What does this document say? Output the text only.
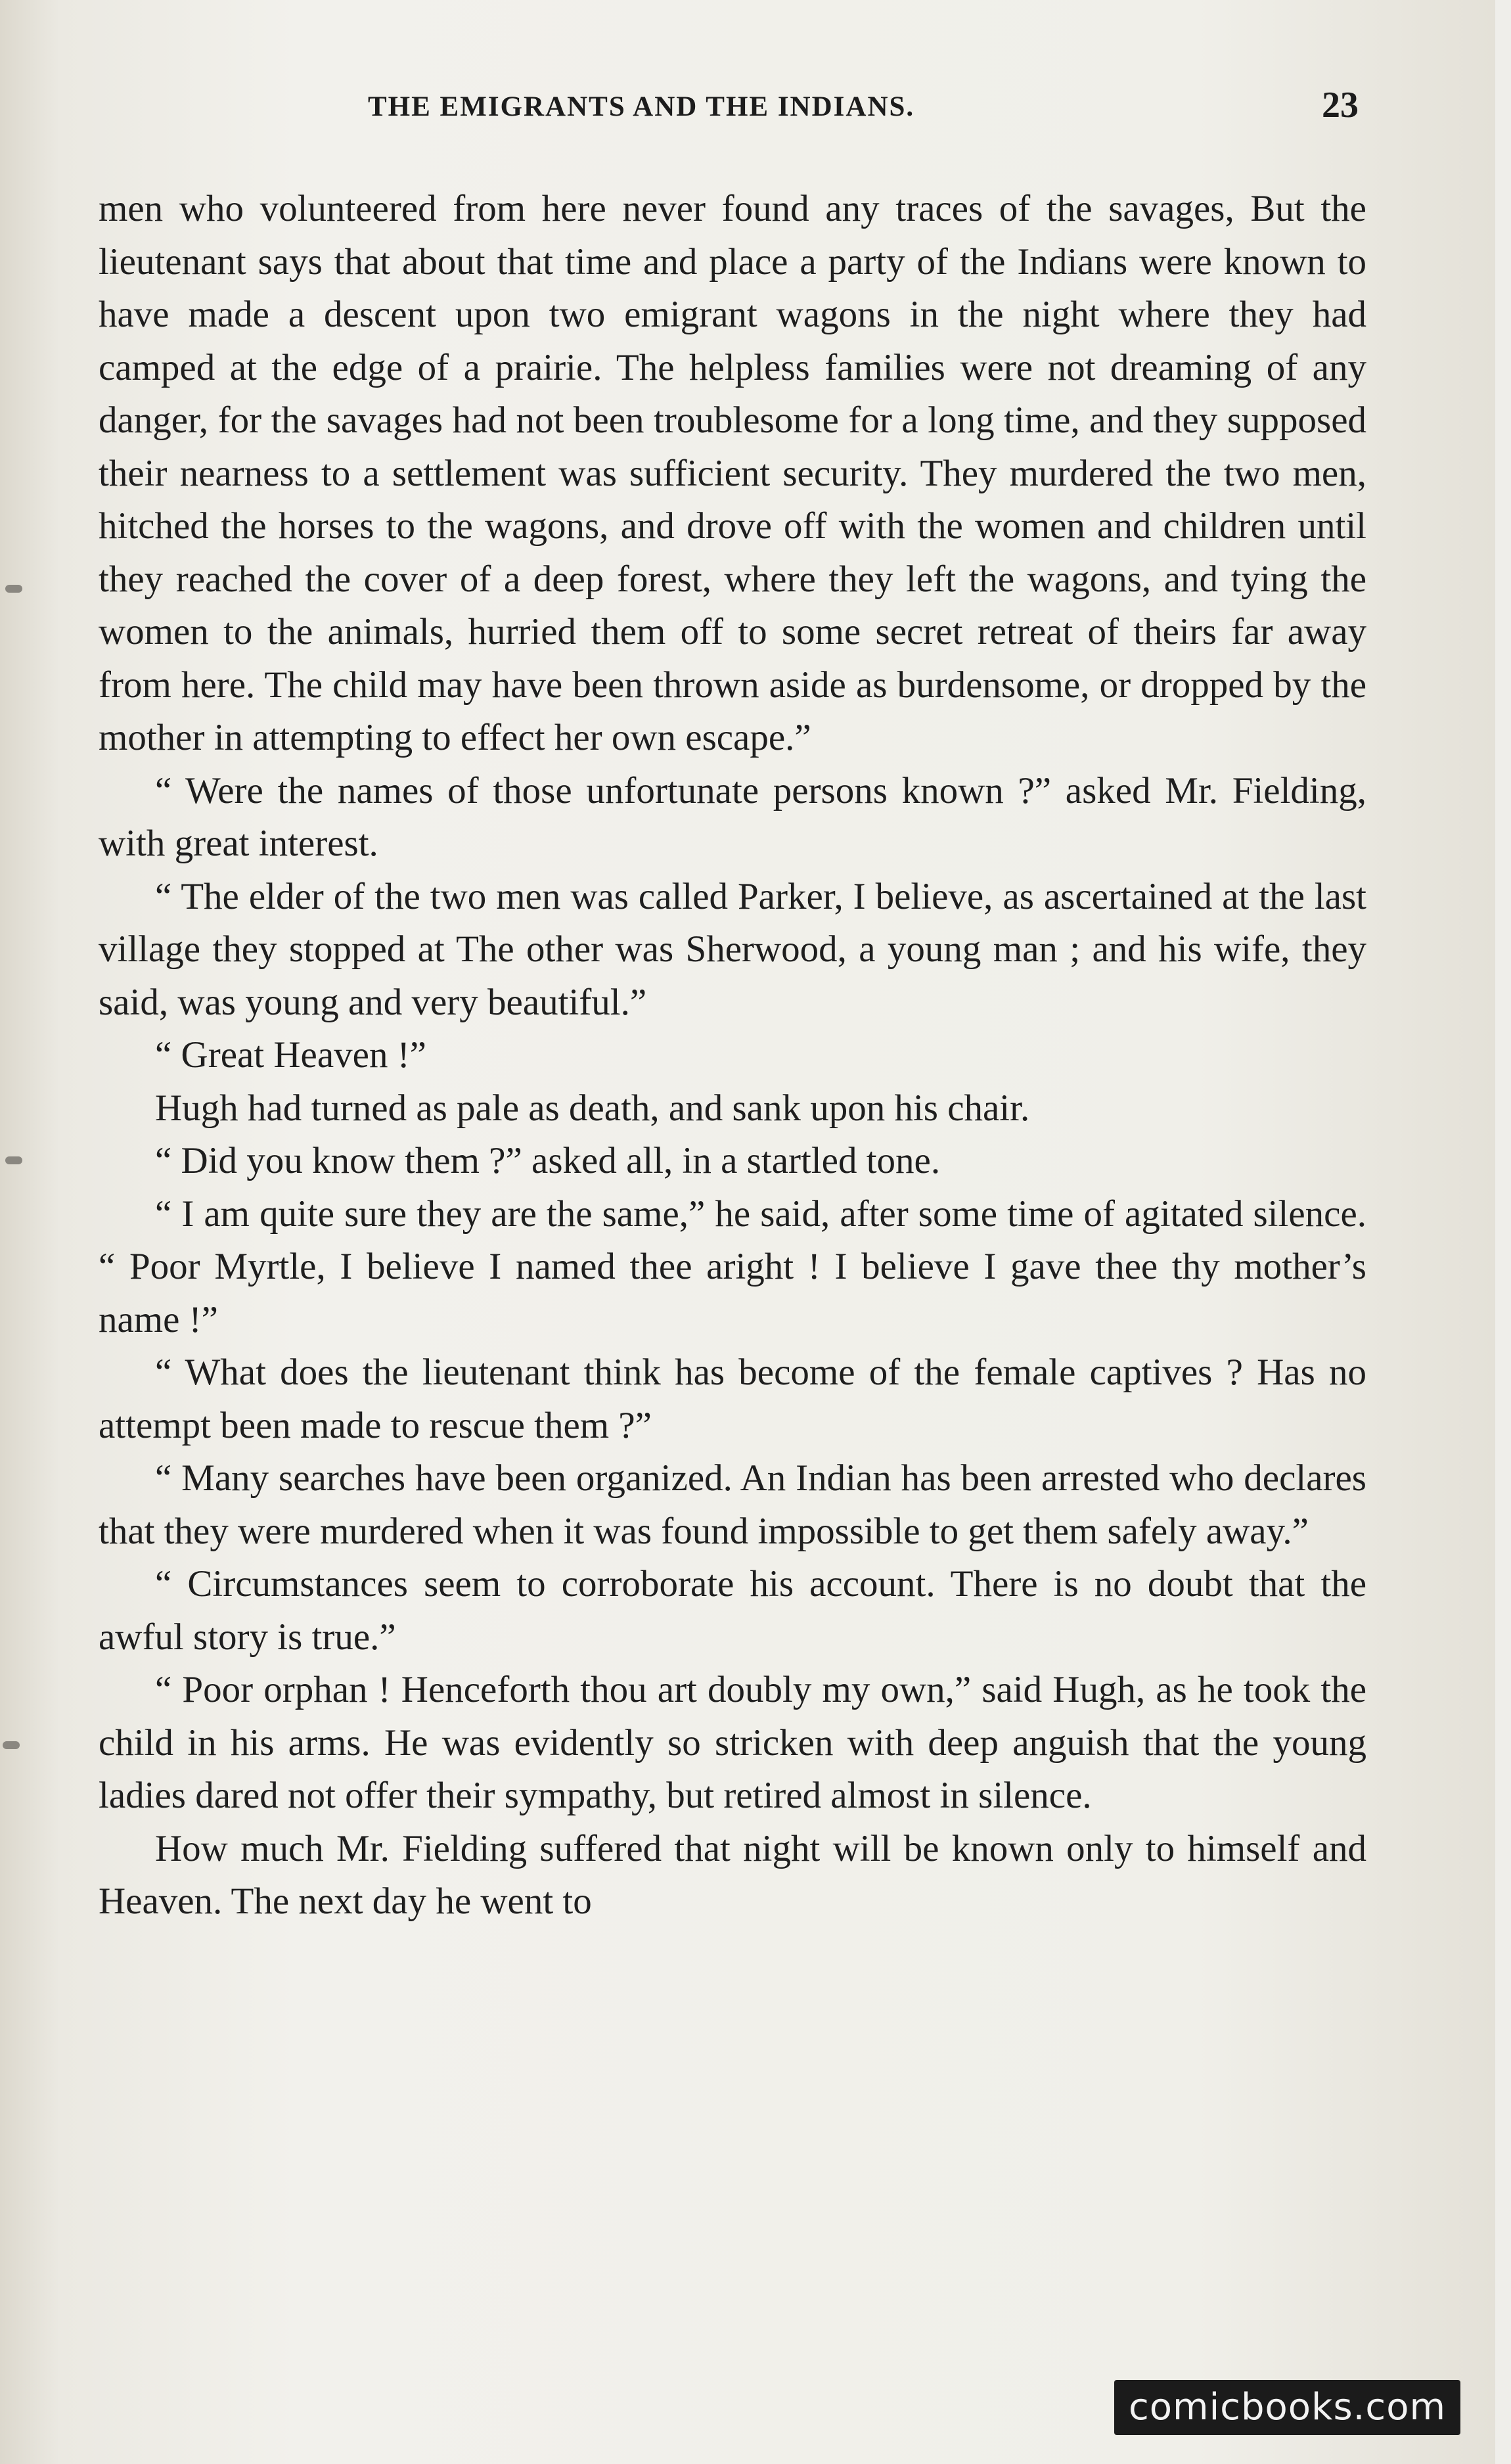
THE EMIGRANTS AND THE INDIANS.	23

men who volunteered from here never found any traces of the savages, But the lieutenant says that about that time and place a party of the Indians were known to have made a descent upon two emigrant wagons in the night where they had camped at the edge of a prairie. The helpless families were not dreaming of any danger, for the savages had not been troublesome for a long time, and they supposed their nearness to a settlement was sufficient security. They murdered the two men, hitched the horses to the wagons, and drove off with the women and children until they reached the cover of a deep forest, where they left the wagons, and tying the women to the animals, hurried them off to some secret retreat of theirs far away from here. The child may have been thrown aside as burdensome, or dropped by the mother in attempting to effect her own escape.”

“ Were the names of those unfortunate persons known ?” asked Mr. Fielding, with great interest.

“ The elder of the two men was called Parker, I believe, as ascertained at the last village they stopped at The other was Sherwood, a young man ; and his wife, they said, was young and very beautiful.”

“ Great Heaven !”

Hugh had turned as pale as death, and sank upon his chair.

“ Did you know them ?” asked all, in a startled tone.

“ I am quite sure they are the same,” he said, after some time of agitated silence. “ Poor Myrtle, I believe I named thee aright ! I believe I gave thee thy mother’s name !”

“ What does the lieutenant think has become of the female captives ? Has no attempt been made to rescue them ?”

“ Many searches have been organized. An Indian has been arrested who declares that they were murdered when it was found impossible to get them safely away.”

“ Circumstances seem to corroborate his account. There is no doubt that the awful story is true.”

“ Poor orphan ! Henceforth thou art doubly my own,” said Hugh, as he took the child in his arms. He was evidently so stricken with deep anguish that the young ladies dared not offer their sympathy, but retired almost in silence.

How much Mr. Fielding suffered that night will be known only to himself and Heaven. The next day he went to

comicbooks.com
